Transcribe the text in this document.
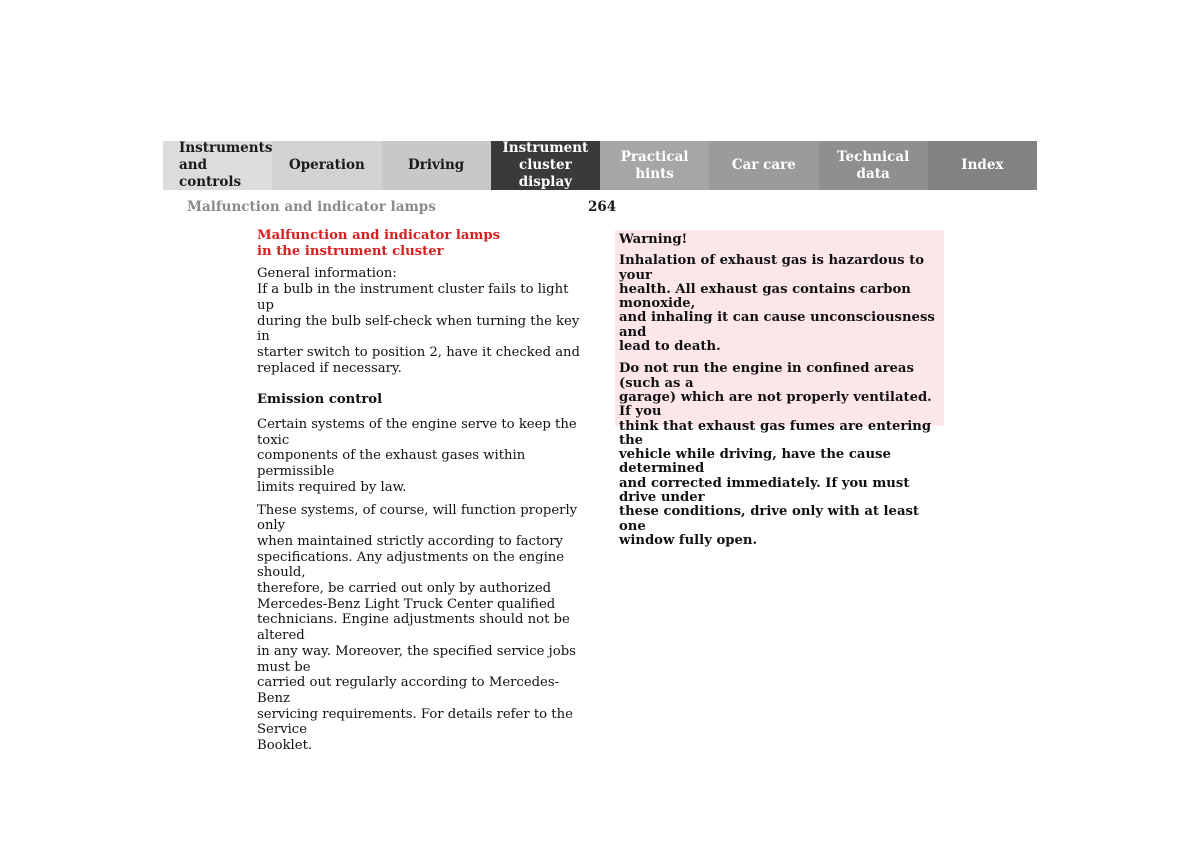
Instruments
and controls
Operation	Driving
Instrument
cluster display
Practical hints
Car care
Technical
data
Index
Malfunction and indicator lamps	264

Malfunction and indicator lamps
in the instrument cluster

General information:
If a bulb in the instrument cluster fails to light up
during the bulb self-check when turning the key in
starter switch to position 2, have it checked and
replaced if necessary.

Emission control

Certain systems of the engine serve to keep the toxic
components of the exhaust gases within permissible
limits required by law.

These systems, of course, will function properly only
when maintained strictly according to factory
specifications. Any adjustments on the engine should,
therefore, be carried out only by authorized
Mercedes-Benz Light Truck Center qualified
technicians. Engine adjustments should not be altered
in any way. Moreover, the specified service jobs must be
carried out regularly according to Mercedes-Benz
servicing requirements. For details refer to the Service
Booklet.

Warning!

Inhalation of exhaust gas is hazardous to your
health. All exhaust gas contains carbon monoxide,
and inhaling it can cause unconsciousness and
lead to death.

Do not run the engine in confined areas (such as a
garage) which are not properly ventilated. If you
think that exhaust gas fumes are entering the
vehicle while driving, have the cause determined
and corrected immediately. If you must drive under
these conditions, drive only with at least one
window fully open.
